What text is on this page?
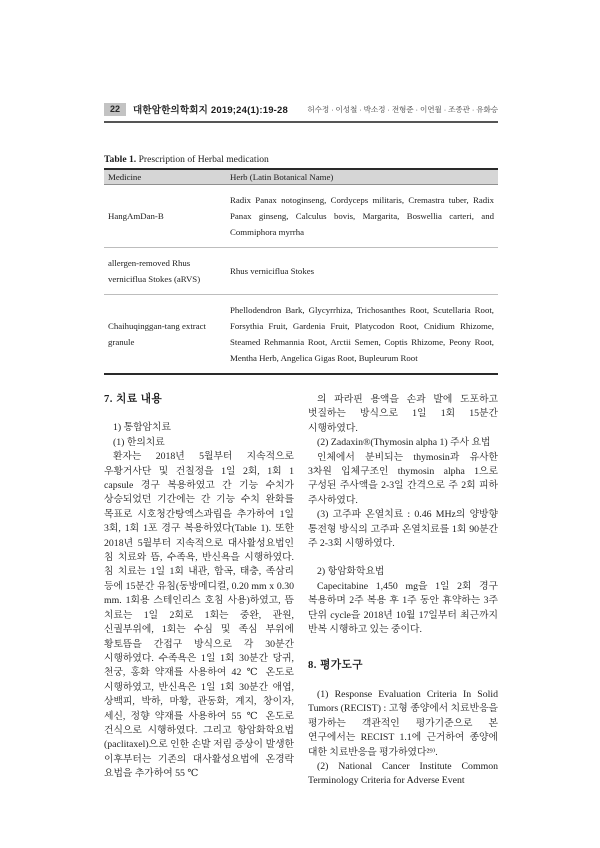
22	대한암한의학회지 2019;24(1):19-28	허수정 · 이성철 · 박소정 · 전형준 · 이연월 · 조종관 · 유화승
Table 1. Prescription of Herbal medication
Medicine	Herb (Latin Botanical Name)
HangAmDan-B	Radix Panax notoginseng, Cordyceps militaris, Cremastra tuber, Radix Panax ginseng, Calculus bovis, Margarita, Boswellia carteri, and Commiphora myrrha
allergen-removed Rhus verniciflua Stokes (aRVS)	Rhus verniciflua Stokes
Chaihuqinggan-tang extract granule	Phellodendron Bark, Glycyrrhiza, Trichosanthes Root, Scutellaria Root, Forsythia Fruit, Gardenia Fruit, Platycodon Root, Cnidium Rhizome, Steamed Rehmannia Root, Arctii Semen, Coptis Rhizome, Peony Root, Mentha Herb, Angelica Gigas Root, Bupleurum Root
7. 치료 내용

1) 통합암치료

(1) 한의치료

환자는 2018년 5월부터 지속적으로 우황거사단 및 건칠정을 1일 2회, 1회 1 capsule 경구 복용하였고 간 기능 수치가 상승되었던 기간에는 간 기능 수치 완화를 목표로 시호청간탕엑스과립을 추가하여 1일 3회, 1회 1포 경구 복용하였다(Table 1). 또한 2018년 5월부터 지속적으로 대사활성요법인 침 치료와 뜸, 수족욕, 반신욕을 시행하였다. 침 치료는 1일 1회 내관, 합곡, 태충, 족삼리 등에 15분간 유침(동방메디컬, 0.20 mm x 0.30 mm. 1회용 스테인리스 호침 사용)하였고, 뜸 치료는 1일 2회로 1회는 중완, 관원, 신궐부위에, 1회는 수심 및 족심 부위에 황토뜸을 간접구 방식으로 각 30분간 시행하였다. 수족욕은 1일 1회 30분간 당귀, 천궁, 홍화 약재를 사용하여 42 ℃ 온도로 시행하였고, 반신욕은 1일 1회 30분간 애엽, 상백피, 박하, 마황, 관동화, 계지, 창이자, 세신, 정향 약재를 사용하여 55 ℃ 온도로 건식으로 시행하였다. 그리고 항암화학요법(paclitaxel)으로 인한 손발 저림 증상이 발생한 이후부터는 기존의 대사활성요법에 온경락 요법을 추가하여 55 ℃

의 파라핀 용액을 손과 발에 도포하고 벗질하는 방식으로 1일 1회 15분간 시행하였다.

(2) Zadaxin®(Thymosin alpha 1) 주사 요법

인체에서 분비되는 thymosin과 유사한 3차원 입체구조인 thymosin alpha 1으로 구성된 주사액을 2-3일 간격으로 주 2회 피하 주사하였다.

(3) 고주파 온열치료 : 0.46 MHz의 양방향 통전형 방식의 고주파 온열치료를 1회 90분간 주 2-3회 시행하였다.

2) 항암화학요법

Capecitabine 1,450 mg을 1일 2회 경구 복용하며 2주 복용 후 1주 동안 휴약하는 3주 단위 cycle을 2018년 10월 17일부터 최근까지 반복 시행하고 있는 중이다.

8. 평가도구

(1) Response Evaluation Criteria In Solid Tumors (RECIST) : 고형 종양에서 치료반응을 평가하는 객관적인 평가기준으로 본 연구에서는 RECIST 1.1에 근거하여 종양에 대한 치료반응을 평가하였다²⁹⁾.

(2) National Cancer Institute Common Terminology Criteria for Adverse Event
